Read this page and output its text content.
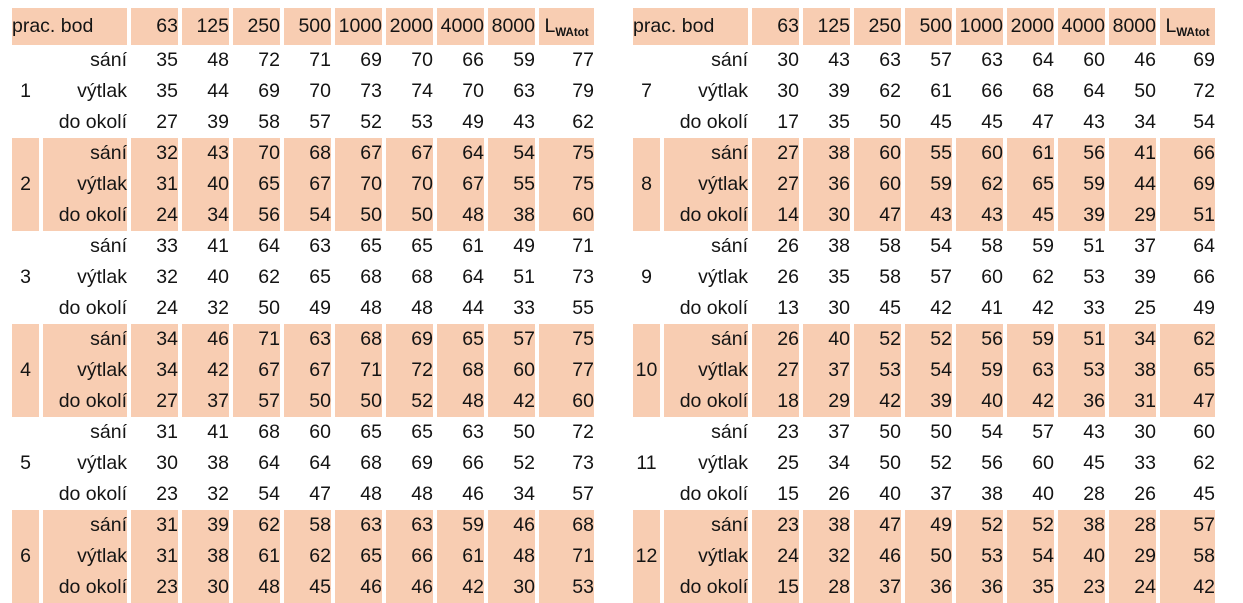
prac. bod		63	125	250	500	1000	2000	4000	8000	$L_{WAtot}$
1	sání	35	48	72	71	69	70	66	59	77
	výtlak	35	44	69	70	73	74	70	63	79
	do okolí	27	39	58	57	52	53	49	43	62
2	sání	32	43	70	68	67	67	64	54	75
	výtlak	31	40	65	67	70	70	67	55	75
	do okolí	24	34	56	54	50	50	48	38	60
3	sání	33	41	64	63	65	65	61	49	71
	výtlak	32	40	62	65	68	68	64	51	73
	do okolí	24	32	50	49	48	48	44	33	55
4	sání	34	46	71	63	68	69	65	57	75
	výtlak	34	42	67	67	71	72	68	60	77
	do okolí	27	37	57	50	50	52	48	42	60
5	sání	31	41	68	60	65	65	63	50	72
	výtlak	30	38	64	64	68	69	66	52	73
	do okolí	23	32	54	47	48	48	46	34	57
6	sání	31	39	62	58	63	63	59	46	68
	výtlak	31	38	61	62	65	66	61	48	71
	do okolí	23	30	48	45	46	46	42	30	53
prac. bod		63	125	250	500	1000	2000	4000	8000	$L_{WAtot}$
7	sání	30	43	63	57	63	64	60	46	69
	výtlak	30	39	62	61	66	68	64	50	72
	do okolí	17	35	50	45	45	47	43	34	54
8	sání	27	38	60	55	60	61	56	41	66
	výtlak	27	36	60	59	62	65	59	44	69
	do okolí	14	30	47	43	43	45	39	29	51
9	sání	26	38	58	54	58	59	51	37	64
	výtlak	26	35	58	57	60	62	53	39	66
	do okolí	13	30	45	42	41	42	33	25	49
10	sání	26	40	52	52	56	59	51	34	62
	výtlak	27	37	53	54	59	63	53	38	65
	do okolí	18	29	42	39	40	42	36	31	47
11	sání	23	37	50	50	54	57	43	30	60
	výtlak	25	34	50	52	56	60	45	33	62
	do okolí	15	26	40	37	38	40	28	26	45
12	sání	23	38	47	49	52	52	38	28	57
	výtlak	24	32	46	50	53	54	40	29	58
	do okolí	15	28	37	36	36	35	23	24	42
